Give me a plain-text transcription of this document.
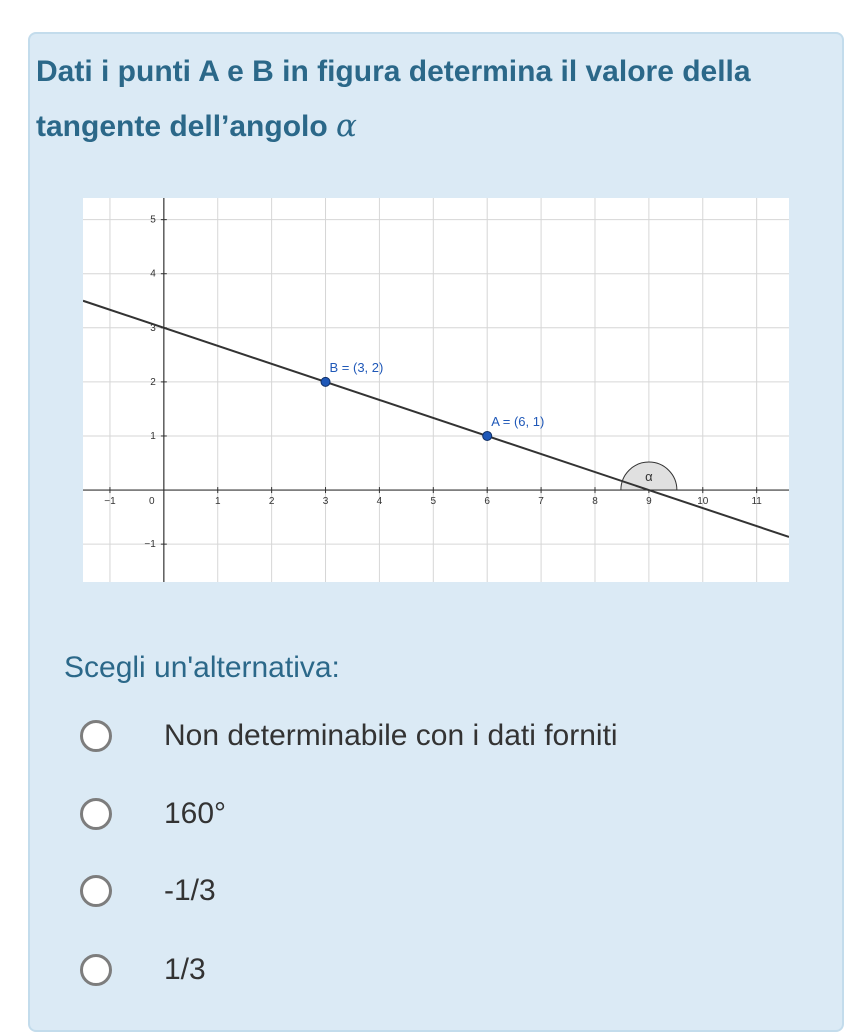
Dati i punti A e B in figura determina il valore della tangente dell’angolo α
−1	1	2	3	4	5	6	7	8	9	10	11
−1
1
2
3
4
5
0
α
B = (3, 2)
A = (6, 1)

Scegli un'alternativa:

Non determinabile con i dati forniti
160°
-1/3
1/3
